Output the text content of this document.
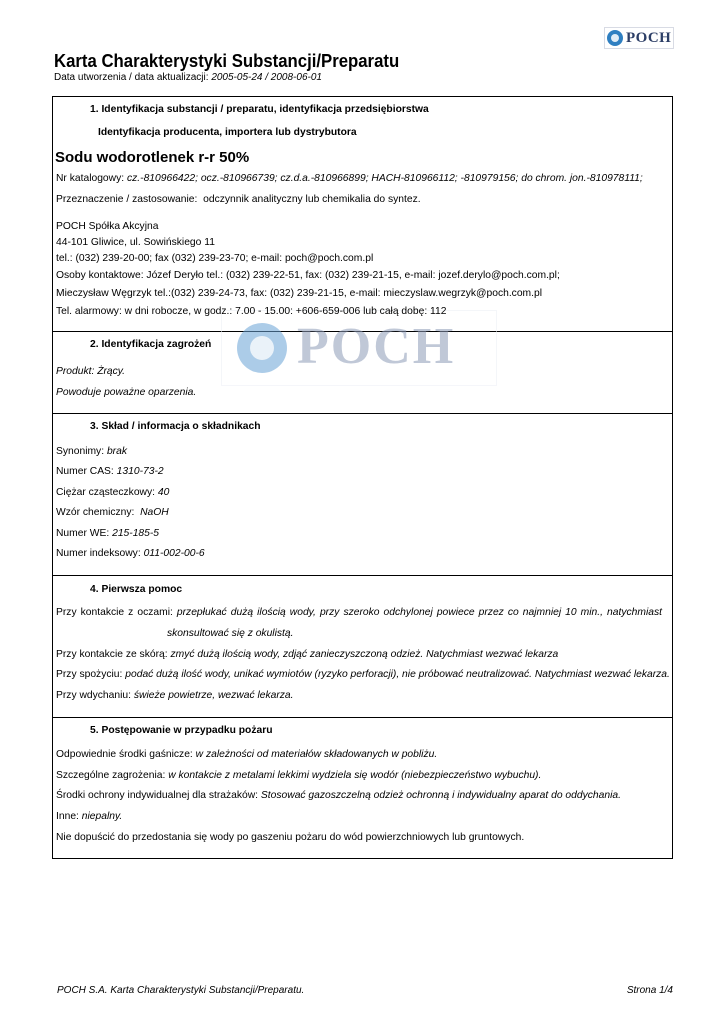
POCH
Karta Charakterystyki Substancji/Preparatu
Data utworzenia / data aktualizacji: 2005-05-24 / 2008-06-01
POCH
1. Identyfikacja substancji / preparatu, identyfikacja przedsiębiorstwa
Identyfikacja producenta, importera lub dystrybutora
Sodu wodorotlenek r-r 50%
Nr katalogowy: cz.-810966422; ocz.-810966739; cz.d.a.-810966899; HACH-810966112; -810979156; do chrom. jon.-810978111;
Przeznaczenie / zastosowanie: odczynnik analityczny lub chemikalia do syntez.
POCH Spółka Akcyjna
44-101 Gliwice, ul. Sowińskiego 11
tel.: (032) 239-20-00; fax (032) 239-23-70; e-mail: poch@poch.com.pl
Osoby kontaktowe: Józef Deryło tel.: (032) 239-22-51, fax: (032) 239-21-15, e-mail: jozef.derylo@poch.com.pl;
Mieczysław Węgrzyk tel.:(032) 239-24-73, fax: (032) 239-21-15, e-mail: mieczyslaw.wegrzyk@poch.com.pl
Tel. alarmowy: w dni robocze, w godz.: 7.00 - 15.00: +606-659-006 lub całą dobę: 112
2. Identyfikacja zagrożeń
Produkt: Żrący.
Powoduje poważne oparzenia.
3. Skład / informacja o składnikach
Synonimy: brak
Numer CAS: 1310-73-2
Ciężar cząsteczkowy: 40
Wzór chemiczny: NaOH
Numer WE: 215-185-5
Numer indeksowy: 011-002-00-6
4. Pierwsza pomoc
Przy kontakcie z oczami: przepłukać dużą ilością wody, przy szeroko odchylonej powiece przez co najmniej 10 min., natychmiast
skonsultować się z okulistą.
Przy kontakcie ze skórą: zmyć dużą ilością wody, zdjąć zanieczyszczoną odzież. Natychmiast wezwać lekarza
Przy spożyciu: podać dużą ilość wody, unikać wymiotów (ryzyko perforacji), nie próbować neutralizować. Natychmiast wezwać lekarza.
Przy wdychaniu: świeże powietrze, wezwać lekarza.
5. Postępowanie w przypadku pożaru
Odpowiednie środki gaśnicze: w zależności od materiałów składowanych w pobliżu.
Szczególne zagrożenia: w kontakcie z metalami lekkimi wydziela się wodór (niebezpieczeństwo wybuchu).
Środki ochrony indywidualnej dla strażaków: Stosować gazoszczelną odzież ochronną i indywidualny aparat do oddychania.
Inne: niepalny.
Nie dopuścić do przedostania się wody po gaszeniu pożaru do wód powierzchniowych lub gruntowych.
POCH S.A. Karta Charakterystyki Substancji/Preparatu.	Strona 1/4
